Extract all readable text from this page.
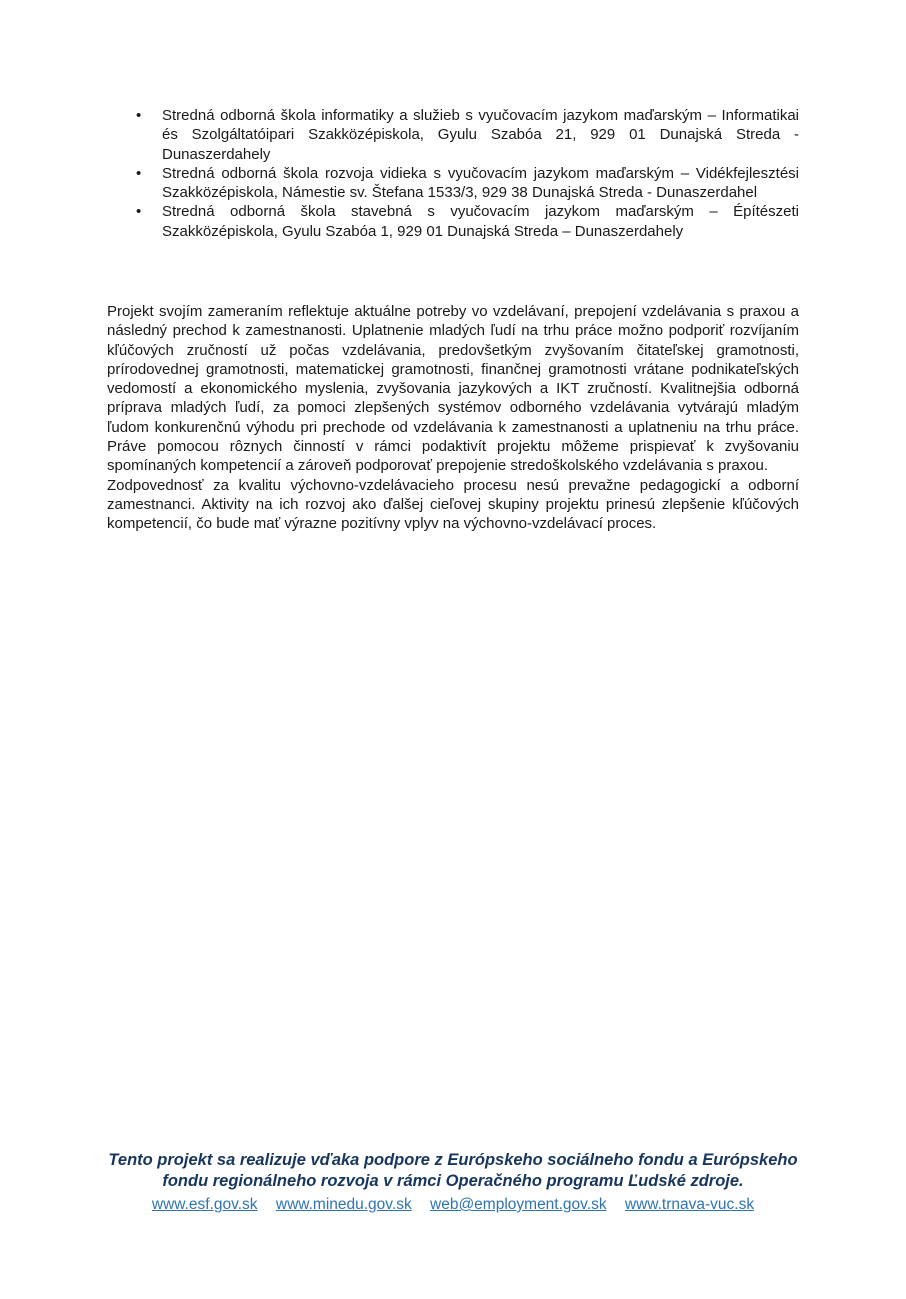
• Stredná odborná škola informatiky a služieb s vyučovacím jazykom maďarským – Informatikai és Szolgáltatóipari Szakközépiskola, Gyulu Szabóa 21, 929 01 Dunajská Streda - Dunaszerdahely
• Stredná odborná škola rozvoja vidieka s vyučovacím jazykom maďarským – Vidékfejlesztési Szakközépiskola, Námestie sv. Štefana 1533/3, 929 38 Dunajská Streda - Dunaszerdahel
• Stredná odborná škola stavebná s vyučovacím jazykom maďarským – Építészeti Szakközépiskola, Gyulu Szabóa 1, 929 01 Dunajská Streda – Dunaszerdahely

Projekt svojím zameraním reflektuje aktuálne potreby vo vzdelávaní, prepojení vzdelávania s praxou a následný prechod k zamestnanosti. Uplatnenie mladých ľudí na trhu práce možno podporiť rozvíjaním kľúčových zručností už počas vzdelávania, predovšetkým zvyšovaním čitateľskej gramotnosti, prírodovednej gramotnosti, matematickej gramotnosti, finančnej gramotnosti vrátane podnikateľských vedomostí a ekonomického myslenia, zvyšovania jazykových a IKT zručností. Kvalitnejšia odborná príprava mladých ľudí, za pomoci zlepšených systémov odborného vzdelávania vytvárajú mladým ľudom konkurenčnú výhodu pri prechode od vzdelávania k zamestnanosti a uplatneniu na trhu práce. Práve pomocou rôznych činností v rámci podaktivít projektu môžeme prispievať k zvyšovaniu spomínaných kompetencií a zároveň podporovať prepojenie stredoškolského vzdelávania s praxou.

Zodpovednosť za kvalitu výchovno-vzdelávacieho procesu nesú prevažne pedagogickí a odborní zamestnanci. Aktivity na ich rozvoj ako ďalšej cieľovej skupiny projektu prinesú zlepšenie kľúčových kompetencií, čo bude mať výrazne pozitívny vplyv na výchovno-vzdelávací proces.

Tento projekt sa realizuje vďaka podpore z Európskeho sociálneho fondu a Európskeho fondu regionálneho rozvoja v rámci Operačného programu Ľudské zdroje.

www.esf.gov.sk www.minedu.gov.sk web@employment.gov.sk www.trnava-vuc.sk
